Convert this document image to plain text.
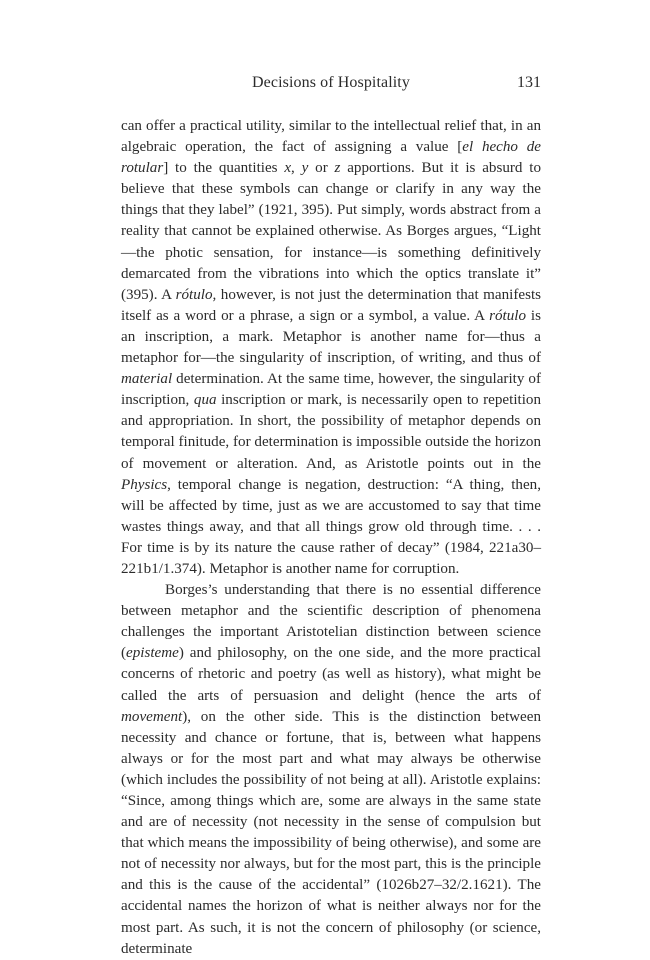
Decisions of Hospitality	131

can offer a practical utility, similar to the intellectual relief that, in an algebraic operation, the fact of assigning a value [el hecho de rotular] to the quantities x, y or z apportions. But it is absurd to believe that these symbols can change or clarify in any way the things that they label” (1921, 395). Put simply, words abstract from a reality that cannot be explained otherwise. As Borges argues, “Light—the photic sensation, for instance—is something definitively demarcated from the vibrations into which the optics translate it” (395). A rótulo, however, is not just the determination that manifests itself as a word or a phrase, a sign or a symbol, a value. A rótulo is an inscription, a mark. Metaphor is another name for—thus a metaphor for—the singularity of inscription, of writing, and thus of material determination. At the same time, however, the singularity of inscription, qua inscription or mark, is necessarily open to repetition and appropriation. In short, the possibility of metaphor depends on temporal finitude, for determination is impossible outside the horizon of movement or alteration. And, as Aristotle points out in the Physics, temporal change is negation, destruction: “A thing, then, will be affected by time, just as we are accustomed to say that time wastes things away, and that all things grow old through time. . . . For time is by its nature the cause rather of decay” (1984, 221a30–221b1/1.374). Metaphor is another name for corruption.

Borges’s understanding that there is no essential difference between metaphor and the scientific description of phenomena challenges the important Aristotelian distinction between science (episteme) and philosophy, on the one side, and the more practical concerns of rhetoric and poetry (as well as history), what might be called the arts of persuasion and delight (hence the arts of movement), on the other side. This is the distinction between necessity and chance or fortune, that is, between what happens always or for the most part and what may always be otherwise (which includes the possibility of not being at all). Aristotle explains: “Since, among things which are, some are always in the same state and are of necessity (not necessity in the sense of compulsion but that which means the impossibility of being otherwise), and some are not of necessity nor always, but for the most part, this is the principle and this is the cause of the accidental” (1026b27–32/2.1621). The accidental names the horizon of what is neither always nor for the most part. As such, it is not the concern of philosophy (or science, determinate
